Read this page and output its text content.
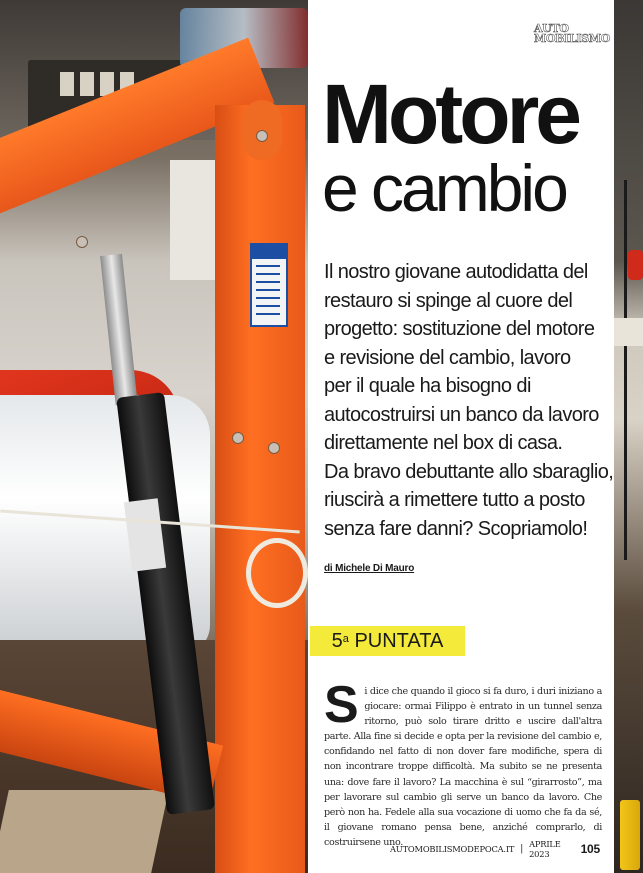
AUTO
MOBILISMO
Motore
e cambio

Il nostro giovane autodidatta del
restauro si spinge al cuore del
progetto: sostituzione del motore
e revisione del cambio, lavoro
per il quale ha bisogno di
autocostruirsi un banco da lavoro
direttamente nel box di casa.
Da bravo debuttante allo sbaraglio,
riuscirà a rimettere tutto a posto
senza fare danni? Scopriamolo!

di Michele Di Mauro

5$^a$
PUNTATA

Si dice che quando il gioco si fa duro, i duri iniziano a giocare: ormai Filippo è entrato in un tunnel senza ritorno, può solo tirare dritto e uscire dall'altra parte. Alla fine si decide e opta per la revisione del cambio e, confidando nel fatto di non dover fare modifiche, spera di non incontrare troppe difficoltà. Ma subito se ne presenta una: dove fare il lavoro? La macchina è sul “girarrosto”, ma per lavorare sul cambio gli serve un banco da lavoro. Che però non ha. Fedele alla sua vocazione di uomo che fa da sé, il giovane romano pensa bene, anziché comprarlo, di costruirsene uno.

AUTOMOBILISMODEPOCA.IT | APRILE 2023	105
